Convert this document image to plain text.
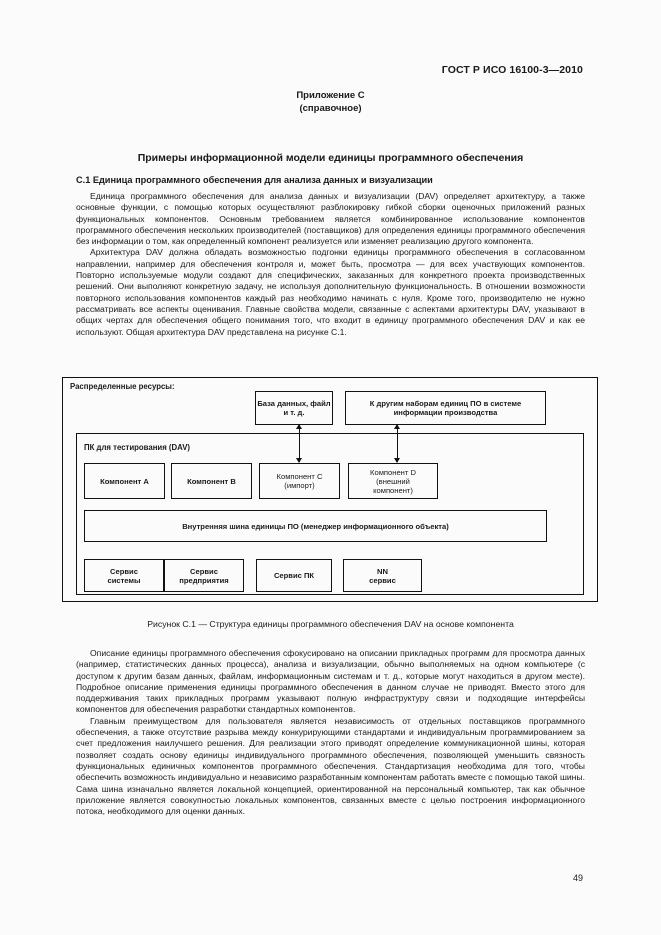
ГОСТ Р ИСО 16100-3—2010
Приложение С
(справочное)
Примеры информационной модели единицы программного обеспечения
С.1 Единица программного обеспечения для анализа данных и визуализации

Единица программного обеспечения для анализа данных и визуализации (DAV) определяет архитектуру, а также основные функции, с помощью которых осуществляют разблокировку гибкой сборки оценочных приложений разных функциональных компонентов. Основным требованием является комбинированное использование компонентов программного обеспечения нескольких производителей (поставщиков) для определения единицы программного обеспечения без информации о том, как определенный компонент реализуется или изменяет реализацию другого компонента.

Архитектура DAV должна обладать возможностью подгонки единицы программного обеспечения в согласованном направлении, например для обеспечения контроля и, может быть, просмотра — для всех участвующих компонентов. Повторно используемые модули создают для специфических, заказанных для конкретного проекта производственных решений. Они выполняют конкретную задачу, не используя дополнительную функциональность. В отношении возможности повторного использования компонентов каждый раз необходимо начинать с нуля. Кроме того, производителю не нужно рассматривать все аспекты оценивания. Главные свойства модели, связанные с аспектами архитектуры DAV, указывают в общих чертах для обеспечения общего понимания того, что входит в единицу программного обеспечения DAV и как ее используют. Общая архитектура DAV представлена на рисунке С.1.

Распределенные ресурсы:
База данных, файл и т. д.
К другим наборам единиц ПО в системе информации производства
ПК для тестирования (DAV)
Компонент А	Компонент В	Компонент С (импорт)
Компонент D (внешний компонент)
Внутренняя шина единицы ПО (менеджер информационного объекта)
Сервис системы
Сервис предприятия	Сервис ПК	NN сервис
Рисунок С.1 — Структура единицы программного обеспечения DAV на основе компонента

Описание единицы программного обеспечения сфокусировано на описании прикладных программ для просмотра данных (например, статистических данных процесса), анализа и визуализации, обычно выполняемых на одном компьютере (с доступом к другим базам данных, файлам, информационным системам и т. д., которые могут находиться в другом месте). Подробное описание применения единицы программного обеспечения в данном случае не приводят. Вместо этого для поддерживания таких прикладных программ указывают полную инфраструктуру связи и подходящие интерфейсы компонентов для обеспечения разработки стандартных компонентов.

Главным преимуществом для пользователя является независимость от отдельных поставщиков программного обеспечения, а также отсутствие разрыва между конкурирующими стандартами и индивидуальным программированием за счет предложения наилучшего решения. Для реализации этого приводят определение коммуникационной шины, которая позволяет создать основу единицы индивидуального программного обеспечения, позволяющей уменьшить связность функциональных единичных компонентов программного обеспечения. Стандартизация необходима для того, чтобы обеспечить возможность индивидуально и независимо разработанным компонентам работать вместе с помощью такой шины. Сама шина изначально является локальной концепцией, ориентированной на персональный компьютер, так как обычное приложение является совокупностью локальных компонентов, связанных вместе с целью построения информационного потока, необходимого для оценки данных.

49
